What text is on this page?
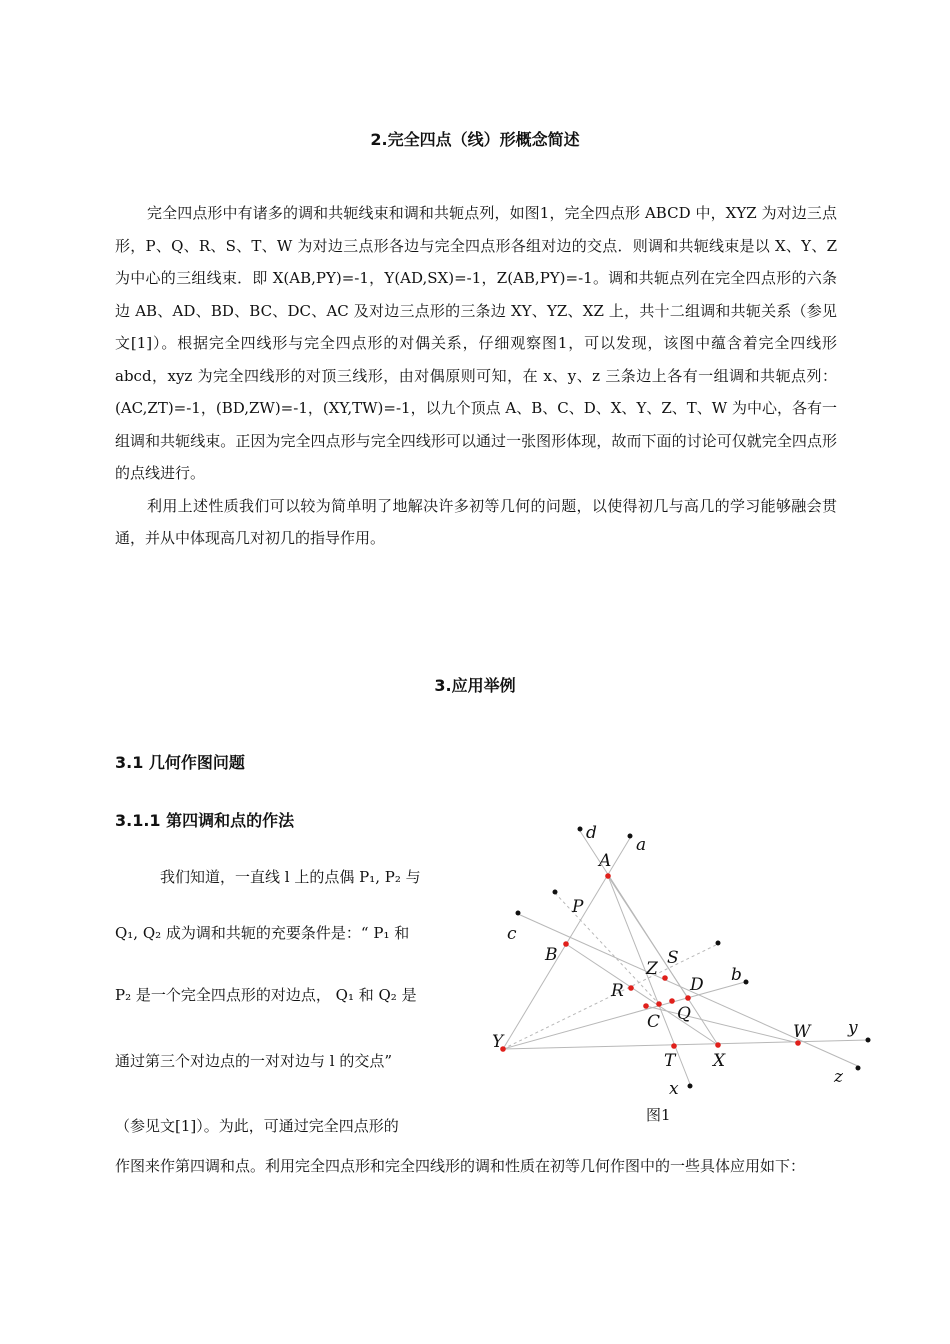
2.完全四点（线）形概念简述

完全四点形中有诸多的调和共轭线束和调和共轭点列，如图1，完全四点形 ABCD 中，XYZ 为对边三点形，P、Q、R、S、T、W 为对边三点形各边与完全四点形各组对边的交点．则调和共轭线束是以 X、Y、Z 为中心的三组线束．即 X(AB,PY)=-1，Y(AD,SX)=-1，Z(AB,PY)=-1。调和共轭点列在完全四点形的六条边 AB、AD、BD、BC、DC、AC 及对边三点形的三条边 XY、YZ、XZ 上，共十二组调和共轭关系（参见文[1]）。根据完全四线形与完全四点形的对偶关系，仔细观察图1，可以发现，该图中蕴含着完全四线形 abcd，xyz 为完全四线形的对顶三线形，由对偶原则可知，在 x、y、z 三条边上各有一组调和共轭点列：(AC,ZT)=-1，(BD,ZW)=-1，(XY,TW)=-1，以九个顶点 A、B、C、D、X、Y、Z、T、W 为中心，各有一组调和共轭线束。正因为完全四点形与完全四线形可以通过一张图形体现，故而下面的讨论可仅就完全四点形的点线进行。

利用上述性质我们可以较为简单明了地解决许多初等几何的问题，以使得初几与高几的学习能够融会贯通，并从中体现高几对初几的指导作用。

3.应用举例
3.1 几何作图问题
3.1.1 第四调和点的作法
我们知道，一直线 l 上的点偶 P₁, P₂ 与
Q₁, Q₂ 成为调和共轭的充要条件是：“ P₁ 和
P₂ 是一个完全四点形的对边点， Q₁ 和 Q₂ 是
通过第三个对边点的一对对边与 l 的交点”
（参见文[1]）。为此，可通过完全四点形的
作图来作第四调和点。利用完全四点形和完全四线形的调和性质在初等几何作图中的一些具体应用如下：
d
a
A
P
c
B	S
Z	b
D
R
Q
C	W y
Y
T X
z
x
图1
